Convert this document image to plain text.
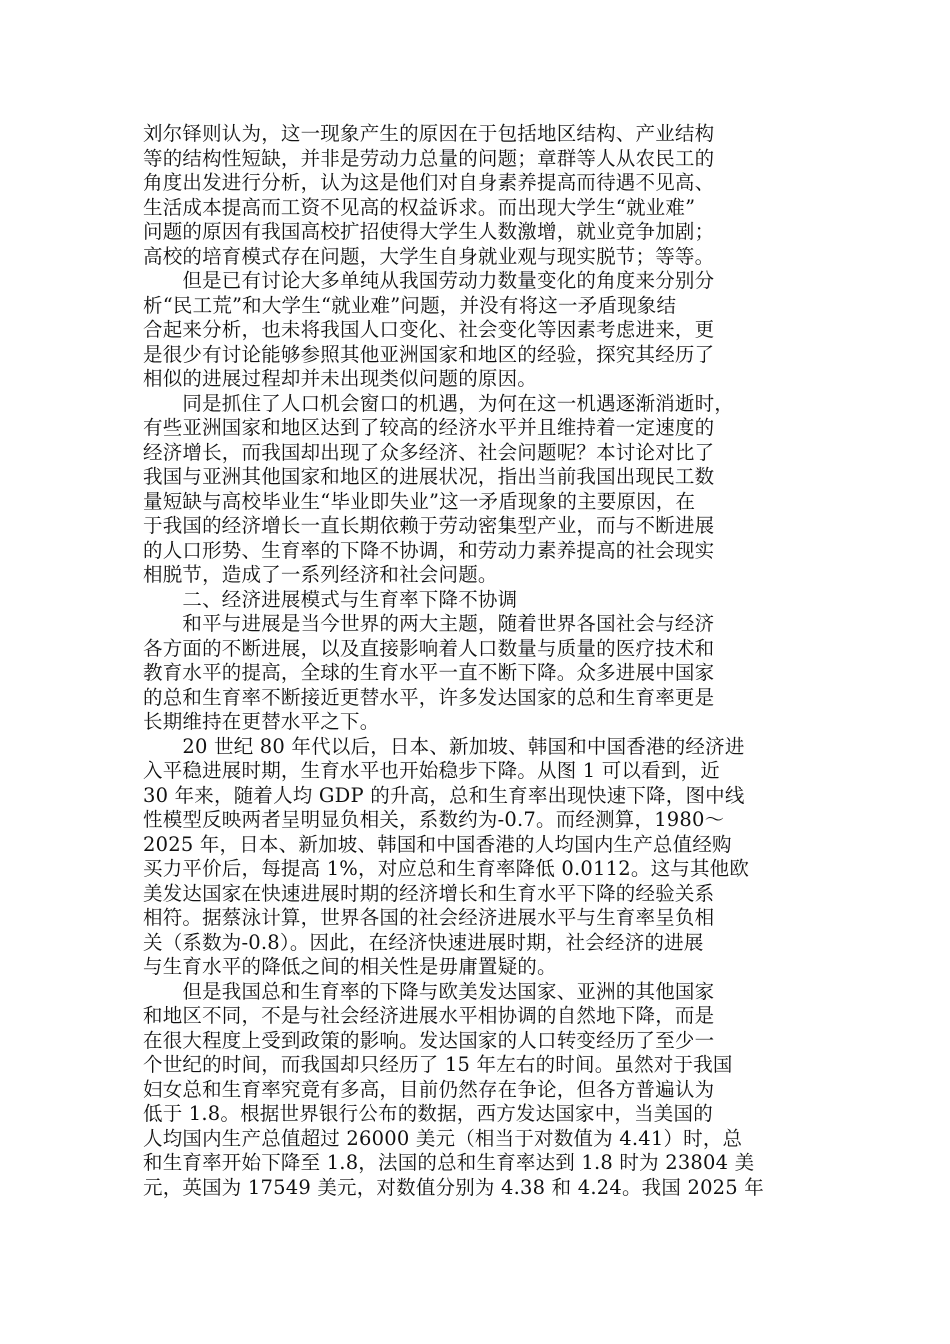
刘尔铎则认为，这一现象产生的原因在于包括地区结构、产业结构
等的结构性短缺，并非是劳动力总量的问题；章群等人从农民工的
角度出发进行分析，认为这是他们对自身素养提高而待遇不见高、
生活成本提高而工资不见高的权益诉求。而出现大学生“就业难”
问题的原因有我国高校扩招使得大学生人数激增，就业竞争加剧；
高校的培育模式存在问题，大学生自身就业观与现实脱节；等等。

　　但是已有讨论大多单纯从我国劳动力数量变化的角度来分别分
析“民工荒”和大学生“就业难”问题，并没有将这一矛盾现象结
合起来分析，也未将我国人口变化、社会变化等因素考虑进来，更
是很少有讨论能够参照其他亚洲国家和地区的经验，探究其经历了
相似的进展过程却并未出现类似问题的原因。

　　同是抓住了人口机会窗口的机遇，为何在这一机遇逐渐消逝时，
有些亚洲国家和地区达到了较高的经济水平并且维持着一定速度的
经济增长，而我国却出现了众多经济、社会问题呢？本讨论对比了
我国与亚洲其他国家和地区的进展状况，指出当前我国出现民工数
量短缺与高校毕业生“毕业即失业”这一矛盾现象的主要原因，在
于我国的经济增长一直长期依赖于劳动密集型产业，而与不断进展
的人口形势、生育率的下降不协调，和劳动力素养提高的社会现实
相脱节，造成了一系列经济和社会问题。

　　二、经济进展模式与生育率下降不协调

　　和平与进展是当今世界的两大主题，随着世界各国社会与经济
各方面的不断进展，以及直接影响着人口数量与质量的医疗技术和
教育水平的提高，全球的生育水平一直不断下降。众多进展中国家
的总和生育率不断接近更替水平，许多发达国家的总和生育率更是
长期维持在更替水平之下。

　　20 世纪 80 年代以后，日本、新加坡、韩国和中国香港的经济进
入平稳进展时期，生育水平也开始稳步下降。从图 1 可以看到，近
30 年来，随着人均 GDP 的升高，总和生育率出现快速下降，图中线
性模型反映两者呈明显负相关，系数约为-0.7。而经测算，1980～
2025 年，日本、新加坡、韩国和中国香港的人均国内生产总值经购
买力平价后，每提高 1%，对应总和生育率降低 0.0112。这与其他欧
美发达国家在快速进展时期的经济增长和生育水平下降的经验关系
相符。据蔡泳计算，世界各国的社会经济进展水平与生育率呈负相
关（系数为-0.8）。因此，在经济快速进展时期，社会经济的进展
与生育水平的降低之间的相关性是毋庸置疑的。

　　但是我国总和生育率的下降与欧美发达国家、亚洲的其他国家
和地区不同，不是与社会经济进展水平相协调的自然地下降，而是
在很大程度上受到政策的影响。发达国家的人口转变经历了至少一
个世纪的时间，而我国却只经历了 15 年左右的时间。虽然对于我国
妇女总和生育率究竟有多高，目前仍然存在争论，但各方普遍认为
低于 1.8。根据世界银行公布的数据，西方发达国家中，当美国的
人均国内生产总值超过 26000 美元（相当于对数值为 4.41）时，总
和生育率开始下降至 1.8，法国的总和生育率达到 1.8 时为 23804 美
元，英国为 17549 美元，对数值分别为 4.38 和 4.24。我国 2025 年
